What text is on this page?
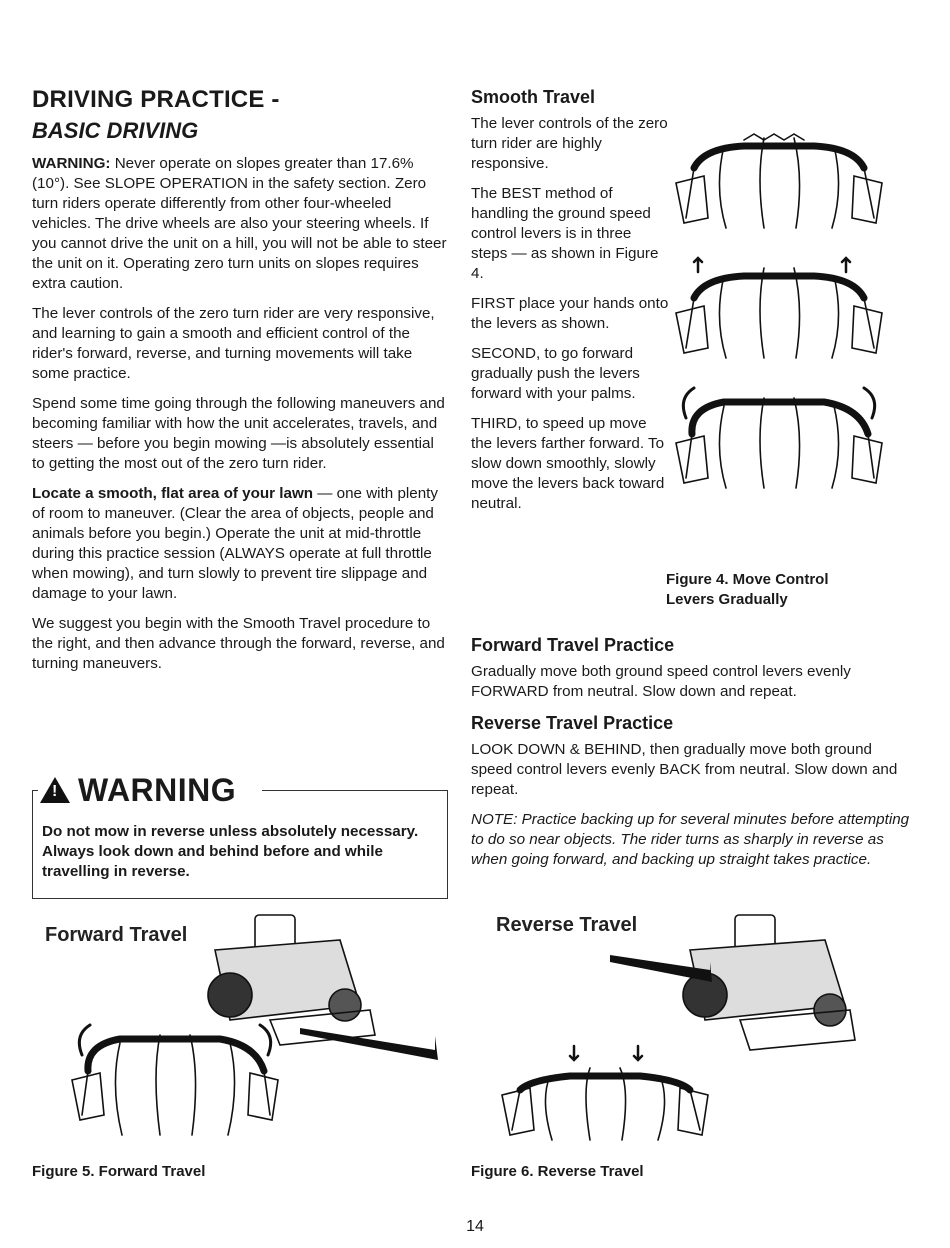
DRIVING PRACTICE -
BASIC DRIVING

WARNING: Never operate on slopes greater than 17.6% (10°). See SLOPE OPERATION in the safety section. Zero turn riders operate differently from other four-wheeled vehicles. The drive wheels are also your steering wheels. If you cannot drive the unit on a hill, you will not be able to steer the unit on it. Operating zero turn units on slopes requires extra caution.

The lever controls of the zero turn rider are very responsive, and learning to gain a smooth and efficient control of the rider's forward, reverse, and turning movements will take some practice.

Spend some time going through the following maneuvers and becoming familiar with how the unit accelerates, travels, and steers — before you begin mowing —is absolutely essential to getting the most out of the zero turn rider.

Locate a smooth, flat area of your lawn — one with plenty of room to maneuver. (Clear the area of objects, people and animals before you begin.) Operate the unit at mid-throttle during this practice session (ALWAYS operate at full throttle when mowing), and turn slowly to prevent tire slippage and damage to your lawn.

We suggest you begin with the Smooth Travel procedure to the right, and then advance through the forward, reverse, and turning maneuvers.

! WARNING
Do not mow in reverse unless absolutely necessary. Always look down and behind before and while travelling in reverse.
Smooth Travel

The lever controls of the zero turn rider are highly responsive.

The BEST method of handling the ground speed control levers is in three steps — as shown in Figure 4.

FIRST place your hands onto the levers as shown.

SECOND, to go forward gradually push the levers forward with your palms.

THIRD, to speed up move the levers farther forward. To slow down smoothly, slowly move the levers back toward neutral.

Figure 4. Move Control
Levers Gradually
Forward Travel Practice

Gradually move both ground speed control levers evenly FORWARD from neutral. Slow down and repeat.

Reverse Travel Practice

LOOK DOWN & BEHIND, then gradually move both ground speed control levers evenly BACK from neutral. Slow down and repeat.

NOTE: Practice backing up for several minutes before attempting to do so near objects. The rider turns as sharply in reverse as when going forward, and backing up straight takes practice.

Forward Travel
Figure 5. Forward Travel
Reverse Travel
Figure 6. Reverse Travel
14
